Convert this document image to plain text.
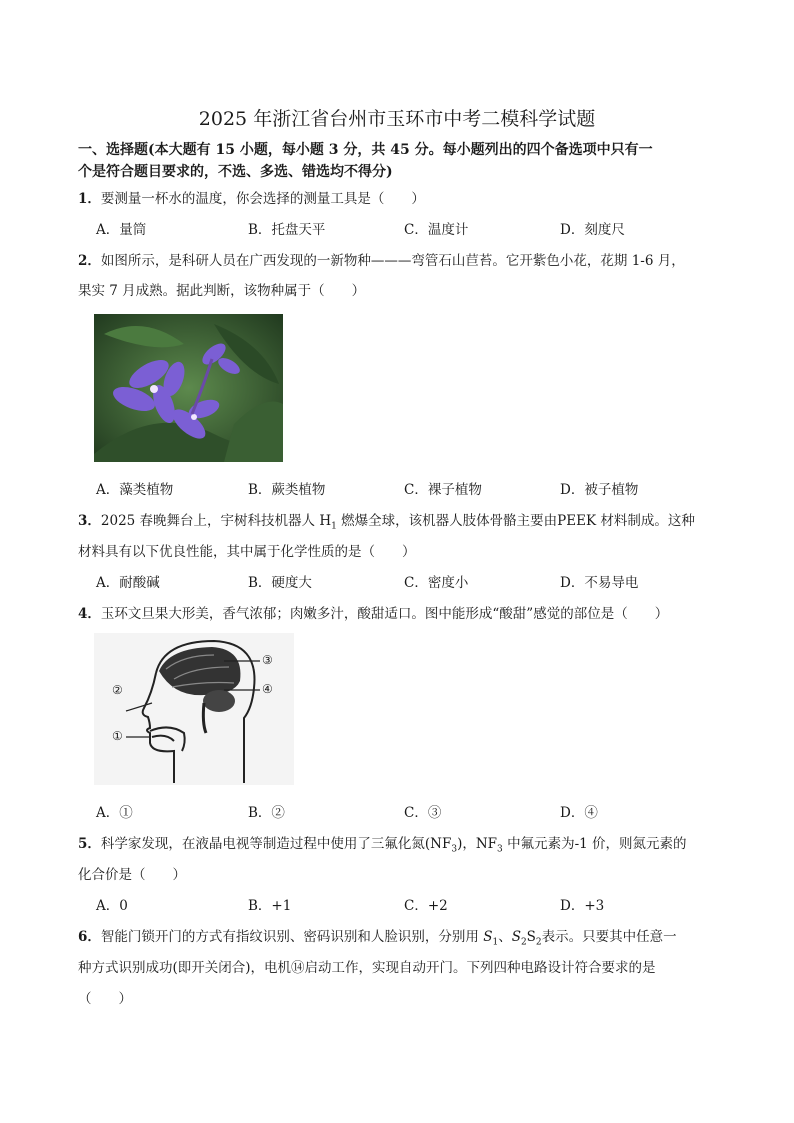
2025 年浙江省台州市玉环市中考二模科学试题
一、选择题(本大题有 15 小题，每小题 3 分，共 45 分。每小题列出的四个备选项中只有一
个是符合题目要求的，不选、多选、错选均不得分)
1．要测量一杯水的温度，你会选择的测量工具是（　　）
A．量筒	B．托盘天平	C．温度计	D．刻度尺
2．如图所示，是科研人员在广西发现的一新物种———弯管石山苣苔。它开紫色小花，花期 1-6 月，
果实 7 月成熟。据此判断，该物种属于（　　）
A．藻类植物	B．蕨类植物	C．裸子植物	D．被子植物
3．2025 春晚舞台上，宇树科技机器人 $H_1$ 燃爆全球，该机器人肢体骨骼主要由PEEK 材料制成。这种
材料具有以下优良性能，其中属于化学性质的是（　　）
A．耐酸碱	B．硬度大	C．密度小	D．不易导电
4．玉环文旦果大形美，香气浓郁；肉嫩多汁，酸甜适口。图中能形成“酸甜”感觉的部位是（　　）
①
②
③
④
A．①	B．②	C．③	D．④
5．科学家发现，在液晶电视等制造过程中使用了三氟化氮$(NF_3)$，$NF_3$ 中氟元素为-1 价，则氮元素的
化合价是（　　）
A．0	B．+1	C．+2	D．+3
6．智能门锁开门的方式有指纹识别、密码识别和人脸识别，分别用 $S_1$、$S_2S_2$表示。只要其中任意一
种方式识别成功(即开关闭合)，电机⑭启动工作，实现自动开门。下列四种电路设计符合要求的是
（　　）
